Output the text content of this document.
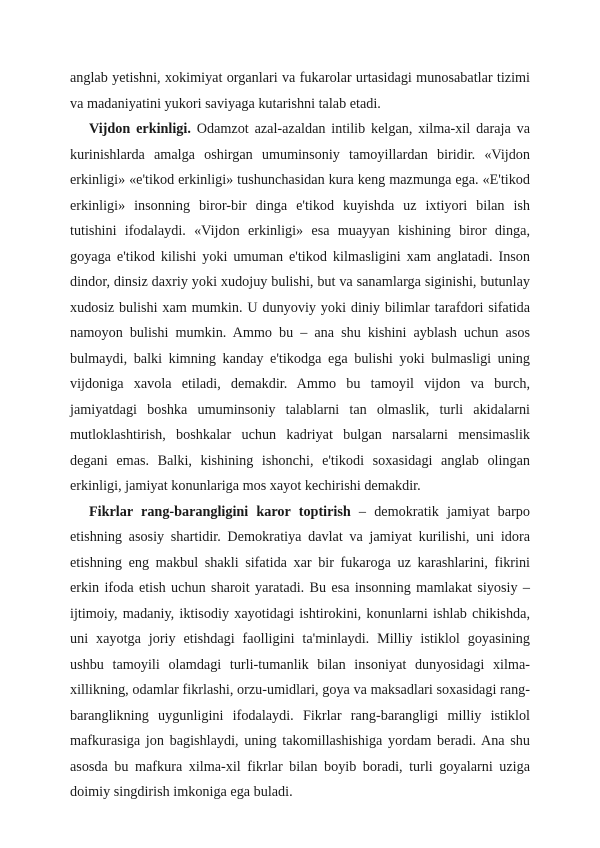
anglab yetishni, xokimiyat organlari va fukarolar urtasidagi munosabatlar tizimi va madaniyatini yukori saviyaga kutarishni talab etadi.

Vijdon erkinligi. Odamzot azal-azaldan intilib kelgan, xilma-xil daraja va kurinishlarda amalga oshirgan umuminsoniy tamoyillardan biridir. «Vijdon erkinligi» «e'tikod erkinligi» tushunchasidan kura keng mazmunga ega. «E'tikod erkinligi» insonning biror-bir dinga e'tikod kuyishda uz ixtiyori bilan ish tutishini ifodalaydi. «Vijdon erkinligi» esa muayyan kishining biror dinga, goyaga e'tikod kilishi yoki umuman e'tikod kilmasligini xam anglatadi. Inson dindor, dinsiz daxriy yoki xudojuy bulishi, but va sanamlarga siginishi, butunlay xudosiz bulishi xam mumkin. U dunyoviy yoki diniy bilimlar tarafdori sifatida namoyon bulishi mumkin. Ammo bu – ana shu kishini ayblash uchun asos bulmaydi, balki kimning kanday e'tikodga ega bulishi yoki bulmasligi uning vijdoniga xavola etiladi, demakdir. Ammo bu tamoyil vijdon va burch, jamiyatdagi boshka umuminsoniy talablarni tan olmaslik, turli akidalarni mutloklashtirish, boshkalar uchun kadriyat bulgan narsalarni mensimaslik degani emas. Balki, kishining ishonchi, e'tikodi soxasidagi anglab olingan erkinligi, jamiyat konunlariga mos xayot kechirishi demakdir.

Fikrlar rang-barangligini karor toptirish – demokratik jamiyat barpo etishning asosiy shartidir. Demokratiya davlat va jamiyat kurilishi, uni idora etishning eng makbul shakli sifatida xar bir fukaroga uz karashlarini, fikrini erkin ifoda etish uchun sharoit yaratadi. Bu esa insonning mamlakat siyosiy – ijtimoiy, madaniy, iktisodiy xayotidagi ishtirokini, konunlarni ishlab chikishda, uni xayotga joriy etishdagi faolligini ta'minlaydi. Milliy istiklol goyasining ushbu tamoyili olamdagi turli-tumanlik bilan insoniyat dunyosidagi xilma-xillikning, odamlar fikrlashi, orzu-umidlari, goya va maksadlari soxasidagi rang-baranglikning uygunligini ifodalaydi. Fikrlar rang-barangligi milliy istiklol mafkurasiga jon bagishlaydi, uning takomillashishiga yordam beradi. Ana shu asosda bu mafkura xilma-xil fikrlar bilan boyib boradi, turli goyalarni uziga doimiy singdirish imkoniga ega buladi.
